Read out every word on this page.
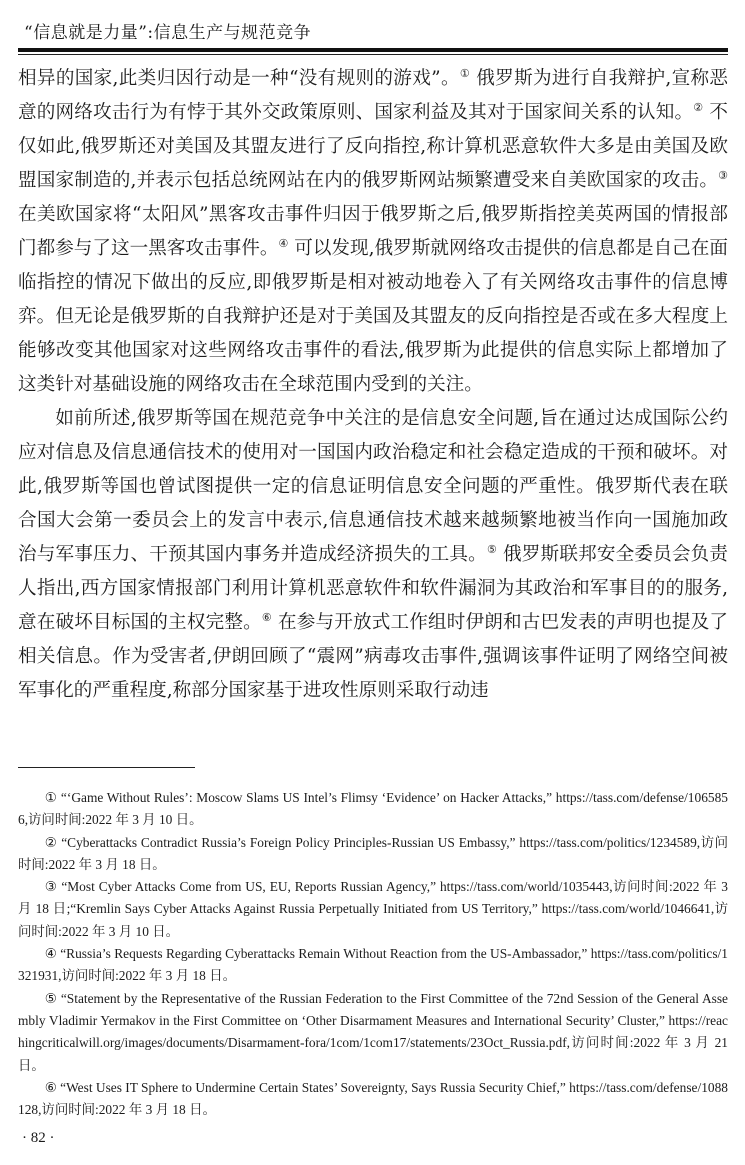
“信息就是力量”:信息生产与规范竞争

相异的国家,此类归因行动是一种“没有规则的游戏”。① 俄罗斯为进行自我辩护,宣称恶意的网络攻击行为有悖于其外交政策原则、国家利益及其对于国家间关系的认知。② 不仅如此,俄罗斯还对美国及其盟友进行了反向指控,称计算机恶意软件大多是由美国及欧盟国家制造的,并表示包括总统网站在内的俄罗斯网站频繁遭受来自美欧国家的攻击。③ 在美欧国家将“太阳风”黑客攻击事件归因于俄罗斯之后,俄罗斯指控美英两国的情报部门都参与了这一黑客攻击事件。④ 可以发现,俄罗斯就网络攻击提供的信息都是自己在面临指控的情况下做出的反应,即俄罗斯是相对被动地卷入了有关网络攻击事件的信息博弈。但无论是俄罗斯的自我辩护还是对于美国及其盟友的反向指控是否或在多大程度上能够改变其他国家对这些网络攻击事件的看法,俄罗斯为此提供的信息实际上都增加了这类针对基础设施的网络攻击在全球范围内受到的关注。

如前所述,俄罗斯等国在规范竞争中关注的是信息安全问题,旨在通过达成国际公约应对信息及信息通信技术的使用对一国国内政治稳定和社会稳定造成的干预和破坏。对此,俄罗斯等国也曾试图提供一定的信息证明信息安全问题的严重性。俄罗斯代表在联合国大会第一委员会上的发言中表示,信息通信技术越来越频繁地被当作向一国施加政治与军事压力、干预其国内事务并造成经济损失的工具。⑤ 俄罗斯联邦安全委员会负责人指出,西方国家情报部门利用计算机恶意软件和软件漏洞为其政治和军事目的的服务,意在破坏目标国的主权完整。⑥ 在参与开放式工作组时伊朗和古巴发表的声明也提及了相关信息。作为受害者,伊朗回顾了“震网”病毒攻击事件,强调该事件证明了网络空间被军事化的严重程度,称部分国家基于进攻性原则采取行动违

① “‘Game Without Rules’: Moscow Slams US Intel’s Flimsy ‘Evidence’ on Hacker Attacks,” https://tass.com/defense/1065856,访问时间:2022 年 3 月 10 日。

② “Cyberattacks Contradict Russia’s Foreign Policy Principles-Russian US Embassy,” https://tass.com/politics/1234589,访问时间:2022 年 3 月 18 日。

③ “Most Cyber Attacks Come from US, EU, Reports Russian Agency,” https://tass.com/world/1035443,访问时间:2022 年 3 月 18 日;“Kremlin Says Cyber Attacks Against Russia Perpetually Initiated from US Territory,” https://tass.com/world/1046641,访问时间:2022 年 3 月 10 日。

④ “Russia’s Requests Regarding Cyberattacks Remain Without Reaction from the US-Ambassador,” https://tass.com/politics/1321931,访问时间:2022 年 3 月 18 日。

⑤ “Statement by the Representative of the Russian Federation to the First Committee of the 72nd Session of the General Assembly Vladimir Yermakov in the First Committee on ‘Other Disarmament Measures and International Security’ Cluster,” https://reachingcriticalwill.org/images/documents/Disarmament-fora/1com/1com17/statements/23Oct_Russia.pdf,访问时间:2022 年 3 月 21 日。

⑥ “West Uses IT Sphere to Undermine Certain States’ Sovereignty, Says Russia Security Chief,” https://tass.com/defense/1088128,访问时间:2022 年 3 月 18 日。

· 82 ·
